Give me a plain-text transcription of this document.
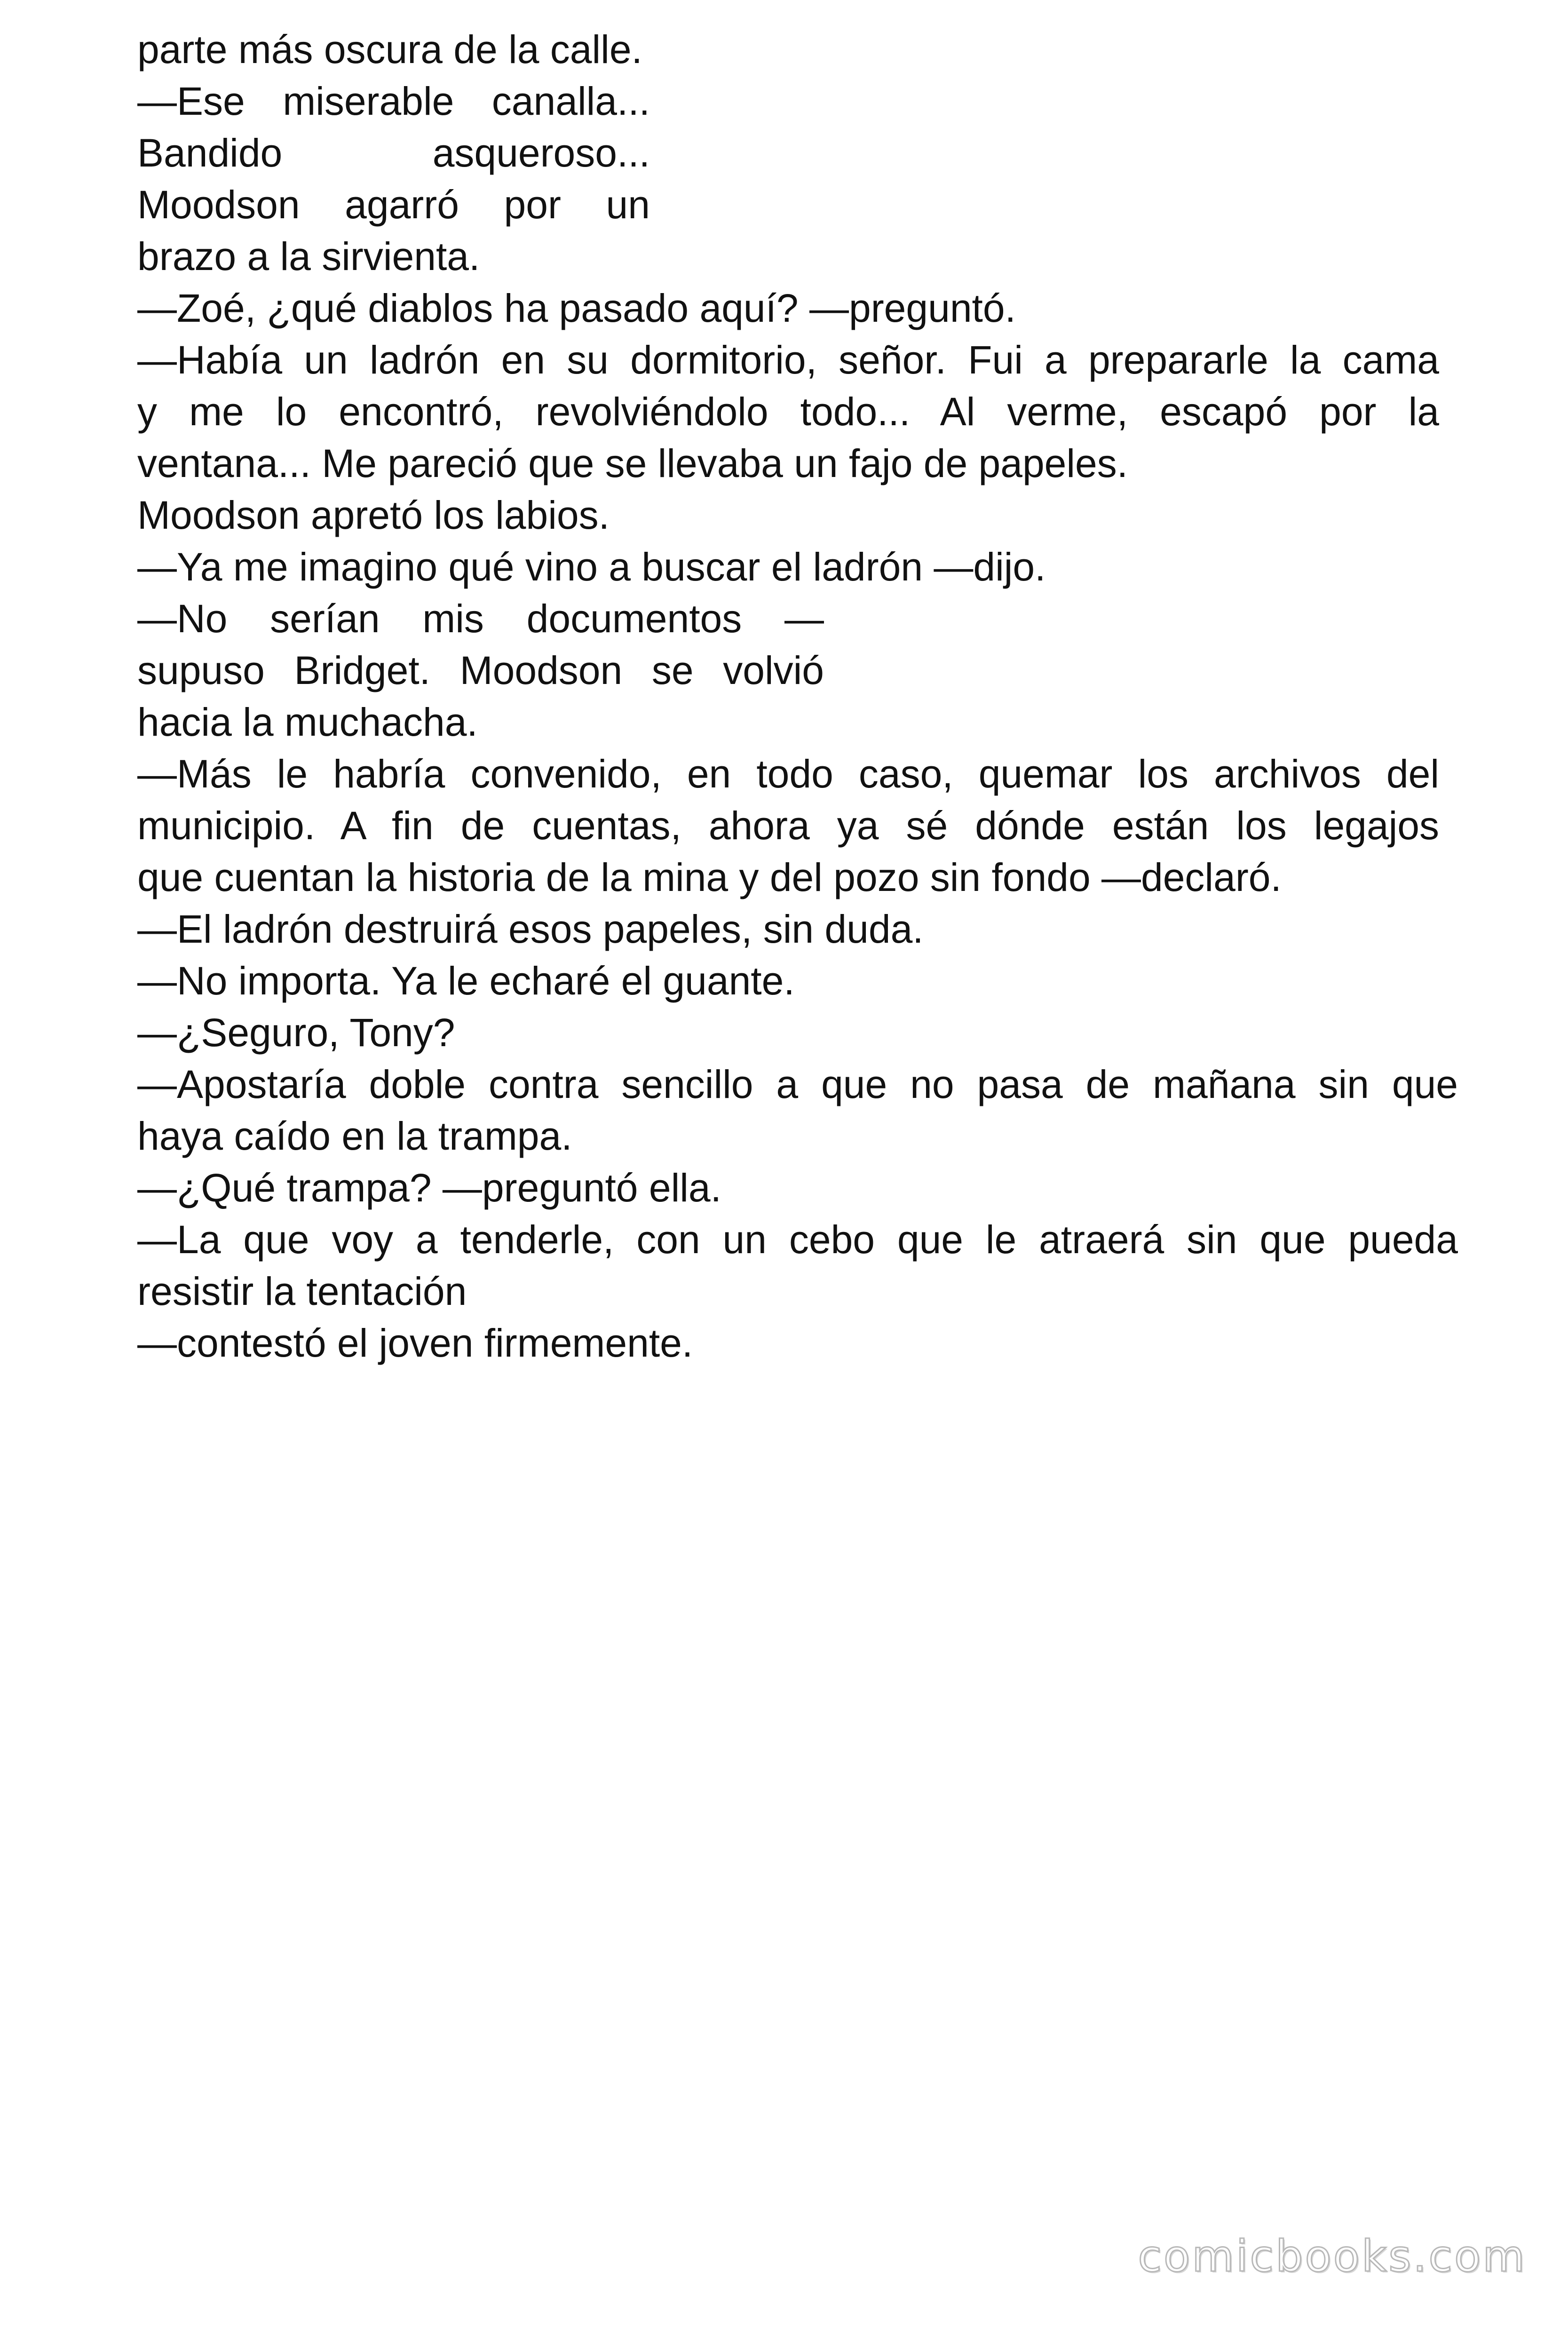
parte más oscura de la calle.
—Ese miserable canalla...
Bandido asqueroso...
Moodson agarró por un
brazo a la sirvienta.
—Zoé, ¿qué diablos ha pasado aquí? —preguntó.
—Había un ladrón en su dormitorio, señor. Fui a prepararle la cama
y me lo encontró, revolviéndolo todo... Al verme, escapó por la
ventana... Me pareció que se llevaba un fajo de papeles.
Moodson apretó los labios.
—Ya me imagino qué vino a buscar el ladrón —dijo.
—No serían mis documentos —
supuso Bridget. Moodson se volvió
hacia la muchacha.
—Más le habría convenido, en todo caso, quemar los archivos del
municipio. A fin de cuentas, ahora ya sé dónde están los legajos
que cuentan la historia de la mina y del pozo sin fondo —declaró.
—El ladrón destruirá esos papeles, sin duda.
—No importa. Ya le echaré el guante.
—¿Seguro, Tony?
—Apostaría doble contra sencillo a que no pasa de mañana sin que
haya caído en la trampa.
—¿Qué trampa? —preguntó ella.
—La que voy a tenderle, con un cebo que le atraerá sin que pueda
resistir la tentación
—contestó el joven firmemente.
comicbooks.com
